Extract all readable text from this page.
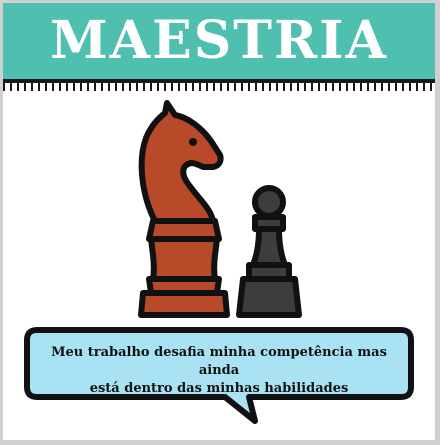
MAESTRIA

Meu trabalho desafia minha competência mas ainda
está dentro das minhas habilidades
